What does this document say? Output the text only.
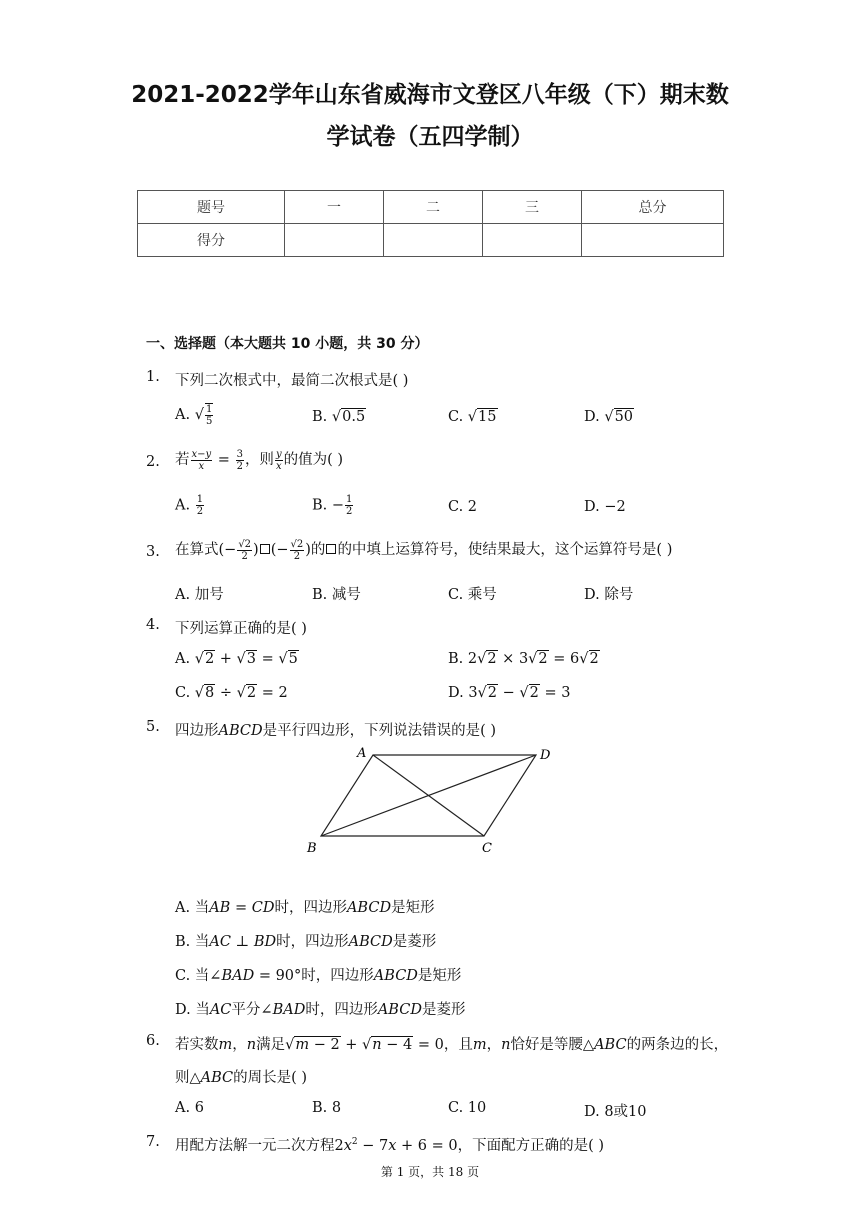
2021-2022学年山东省威海市文登区八年级（下）期末数
学试卷（五四学制）
题号	一	二	三	总分
得分				
一、选择题（本大题共 10 小题，共 30 分）
1. 下列二次根式中，最简二次根式是( )
A. √ $\frac{1}{5}$	B. √0.5	C. √15	D. √50
2. 若 $\frac{x-y}{x} = \frac{3}{2}$ ，则 $\frac{y}{x}$ 的值为( )
A. $\frac{1}{2}$	B. − $\frac{1}{2}$	C. 2	D. −2
3. 在算式(− $\frac{√2}{2}$ ) (− $\frac{√2}{2}$ )的 的中填上运算符号，使结果最大，这个运算符号是( )
A. 加号	B. 减号	C. 乘号	D. 除号
4. 下列运算正确的是( )
A. √2 + √3 = √5	B. 2√2 × 3√2 = 6√2
C. √8 ÷ √2 = 2	D. 3√2 − √2 = 3
5. 四边形ABCD是平行四边形，下列说法错误的是( )
A	D
B	C
A. 当AB = CD时，四边形ABCD是矩形
B. 当AC ⊥ BD时，四边形ABCD是菱形
C. 当∠BAD = 90°时，四边形ABCD是矩形
D. 当AC平分∠BAD时，四边形ABCD是菱形
6. 若实数m，n满足√m − 2 + √n − 4 = 0，且m，n恰好是等腰△ABC的两条边的长，
则△ABC的周长是( )
A. 6	B. 8	C. 10	D. 8或10
7. 用配方法解一元二次方程$2x^2 - 7x + 6 = 0$，下面配方正确的是( )
第 1 页，共 18 页
